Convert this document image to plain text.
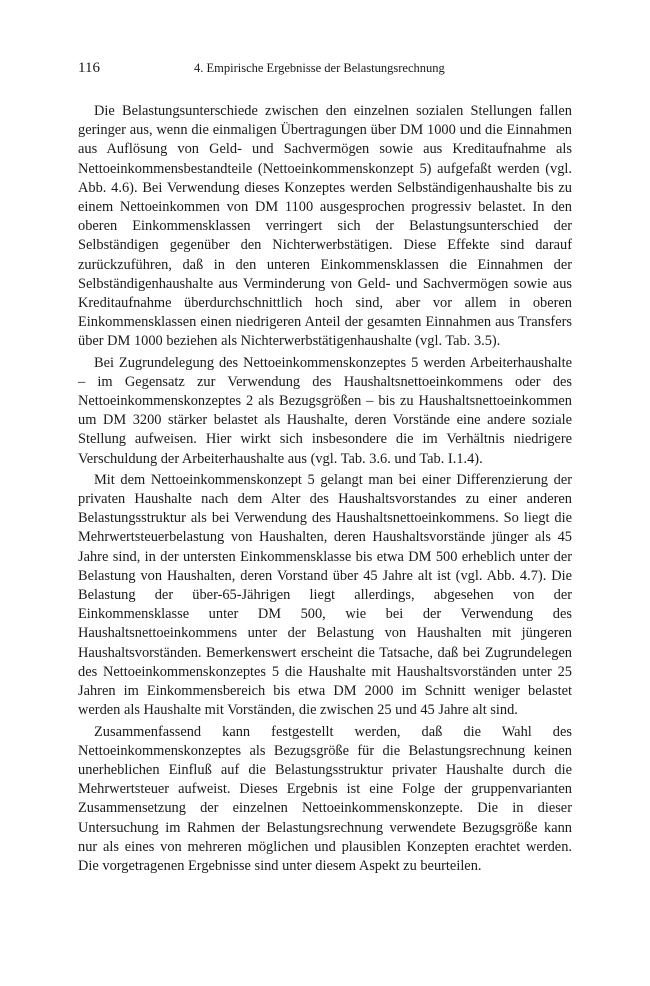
116	4. Empirische Ergebnisse der Belastungsrechnung

Die Belastungsunterschiede zwischen den einzelnen sozialen Stellungen fallen geringer aus, wenn die einmaligen Übertragungen über DM 1000 und die Einnahmen aus Auflösung von Geld- und Sachvermögen sowie aus Kreditaufnahme als Nettoeinkommensbestandteile (Nettoeinkommenskonzept 5) aufgefaßt werden (vgl. Abb. 4.6). Bei Verwendung dieses Konzeptes werden Selbständigenhaushalte bis zu einem Nettoeinkommen von DM 1100 ausgesprochen progressiv belastet. In den oberen Einkommensklassen verringert sich der Belastungsunterschied der Selbständigen gegenüber den Nichterwerbstätigen. Diese Effekte sind darauf zurückzuführen, daß in den unteren Einkommensklassen die Einnahmen der Selbständigenhaushalte aus Verminderung von Geld- und Sachvermögen sowie aus Kreditaufnahme überdurchschnittlich hoch sind, aber vor allem in oberen Einkommensklassen einen niedrigeren Anteil der gesamten Einnahmen aus Transfers über DM 1000 beziehen als Nichterwerbstätigenhaushalte (vgl. Tab. 3.5).

Bei Zugrundelegung des Nettoeinkommenskonzeptes 5 werden Arbeiterhaushalte – im Gegensatz zur Verwendung des Haushaltsnettoeinkommens oder des Nettoeinkommenskonzeptes 2 als Bezugsgrößen – bis zu Haushaltsnettoeinkommen um DM 3200 stärker belastet als Haushalte, deren Vorstände eine andere soziale Stellung aufweisen. Hier wirkt sich insbesondere die im Verhältnis niedrigere Verschuldung der Arbeiterhaushalte aus (vgl. Tab. 3.6. und Tab. I.1.4).

Mit dem Nettoeinkommenskonzept 5 gelangt man bei einer Differenzierung der privaten Haushalte nach dem Alter des Haushaltsvorstandes zu einer anderen Belastungsstruktur als bei Verwendung des Haushaltsnettoeinkommens. So liegt die Mehrwertsteuerbelastung von Haushalten, deren Haushaltsvorstände jünger als 45 Jahre sind, in der untersten Einkommensklasse bis etwa DM 500 erheblich unter der Belastung von Haushalten, deren Vorstand über 45 Jahre alt ist (vgl. Abb. 4.7). Die Belastung der über-65-Jährigen liegt allerdings, abgesehen von der Einkommensklasse unter DM 500, wie bei der Verwendung des Haushaltsnettoeinkommens unter der Belastung von Haushalten mit jüngeren Haushaltsvorständen. Bemerkenswert erscheint die Tatsache, daß bei Zugrundelegen des Nettoeinkommenskonzeptes 5 die Haushalte mit Haushaltsvorständen unter 25 Jahren im Einkommensbereich bis etwa DM 2000 im Schnitt weniger belastet werden als Haushalte mit Vorständen, die zwischen 25 und 45 Jahre alt sind.

Zusammenfassend kann festgestellt werden, daß die Wahl des Nettoeinkommenskonzeptes als Bezugsgröße für die Belastungsrechnung keinen unerheblichen Einfluß auf die Belastungsstruktur privater Haushalte durch die Mehrwertsteuer aufweist. Dieses Ergebnis ist eine Folge der gruppenvarianten Zusammensetzung der einzelnen Nettoeinkommenskonzepte. Die in dieser Untersuchung im Rahmen der Belastungsrechnung verwendete Bezugsgröße kann nur als eines von mehreren möglichen und plausiblen Konzepten erachtet werden. Die vorgetragenen Ergebnisse sind unter diesem Aspekt zu beurteilen.
